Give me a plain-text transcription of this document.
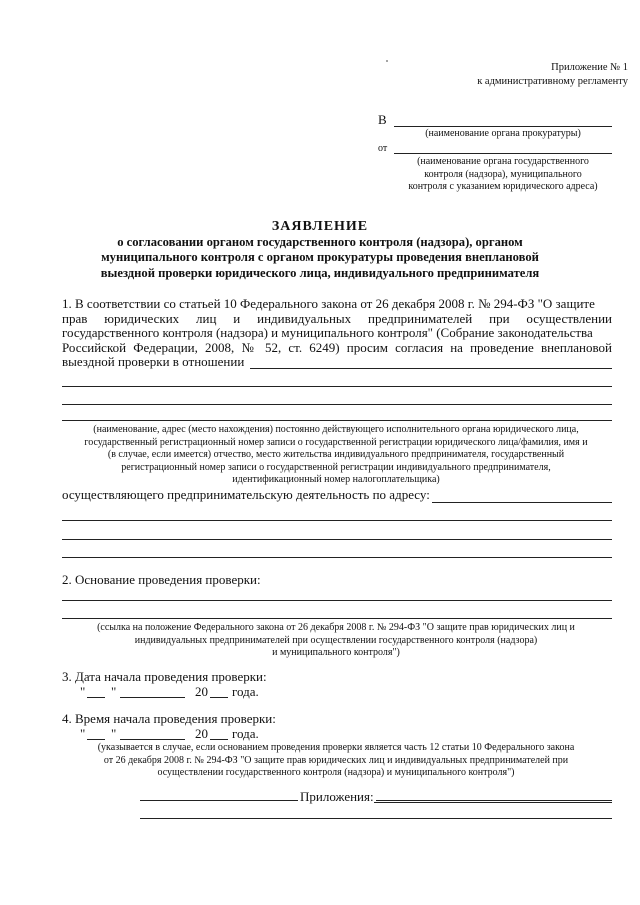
Приложение № 1
к административному регламенту
В
(наименование органа прокуратуры)
от
(наименование органа государственного
контроля (надзора), муниципального
контроля с указанием юридического адреса)
ЗАЯВЛЕНИЕ
о согласовании органом государственного контроля (надзора), органом
муниципального контроля с органом прокуратуры проведения внеплановой
выездной проверки юридического лица, индивидуального предпринимателя
1. В соответствии со статьей 10 Федерального закона от 26 декабря 2008 г. № 294-ФЗ "О защите
прав юридических лиц и индивидуальных предпринимателей при осуществлении
государственного контроля (надзора) и муниципального контроля" (Собрание законодательства
Российской Федерации, 2008, № 52, ст. 6249) просим согласия на проведение внеплановой
выездной проверки в отношении
(наименование, адрес (место нахождения) постоянно действующего исполнительного органа юридического лица,
государственный регистрационный номер записи о государственной регистрации юридического лица/фамилия, имя и
(в случае, если имеется) отчество, место жительства индивидуального предпринимателя, государственный
регистрационный номер записи о государственной регистрации индивидуального предпринимателя,
идентификационный номер налогоплательщика)
осуществляющего предпринимательскую деятельность по адресу:
2. Основание проведения проверки:
(ссылка на положение Федерального закона от 26 декабря 2008 г. № 294-ФЗ "О защите прав юридических лиц и
индивидуальных предпринимателей при осуществлении государственного контроля (надзора)
и муниципального контроля")
3. Дата начала проведения проверки:
" "	20 года.
4. Время начала проведения проверки:
" "	20 года.
(указывается в случае, если основанием проведения проверки является часть 12 статьи 10 Федерального закона
от 26 декабря 2008 г. № 294-ФЗ "О защите прав юридических лиц и индивидуальных предпринимателей при
осуществлении государственного контроля (надзора) и муниципального контроля")
Приложения:
